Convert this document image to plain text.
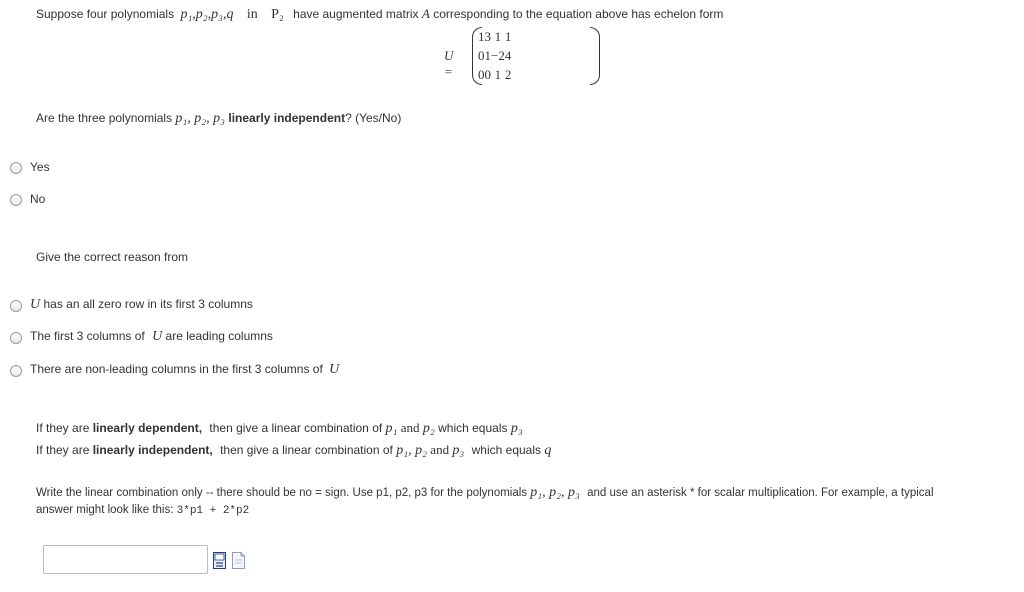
Suppose four polynomials p₁,p₂,p₃,q in P₂ have augmented matrix A corresponding to the equation above has echelon form
U =
1	3	1	1
0	1	−2	4
0	0	1	2
Are the three polynomials p₁, p₂, p₃ linearly independent? (Yes/No)
Yes
No
Give the correct reason from
U has an all zero row in its first 3 columns
The first 3 columns of U are leading columns
There are non-leading columns in the first 3 columns of U
If they are linearly dependent, then give a linear combination of p₁ and p₂ which equals p₃
If they are linearly independent, then give a linear combination of p₁, p₂ and p₃ which equals q
Write the linear combination only -- there should be no = sign. Use p1, p2, p3 for the polynomials p₁, p₂, p₃ and use an asterisk * for scalar multiplication. For example, a typical
answer might look like this: 3*p1 + 2*p2
